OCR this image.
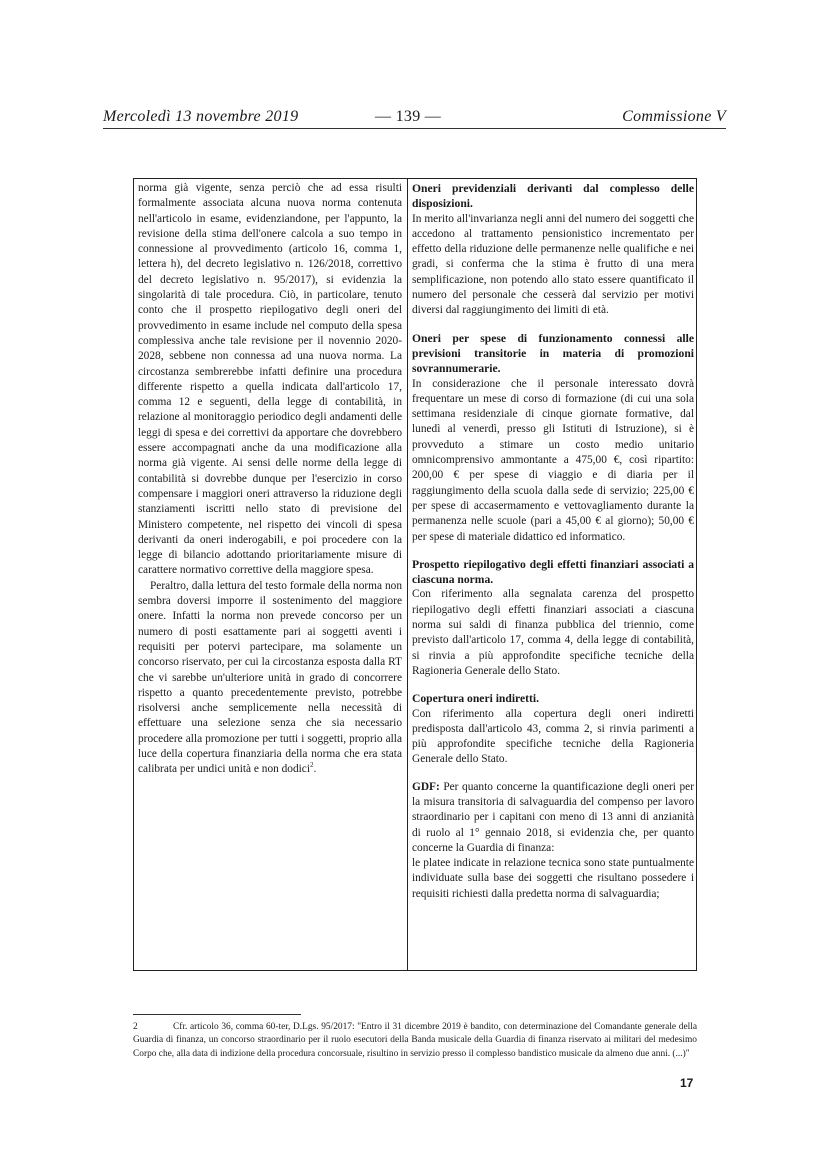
Mercoledì 13 novembre 2019	— 139 —	Commissione V

norma già vigente, senza perciò che ad essa risulti formalmente associata alcuna nuova norma contenuta nell'articolo in esame, evidenziandone, per l'appunto, la revisione della stima dell'onere calcola a suo tempo in connessione al provvedimento (articolo 16, comma 1, lettera h), del decreto legislativo n. 126/2018, correttivo del decreto legislativo n. 95/2017), si evidenzia la singolarità di tale procedura. Ciò, in particolare, tenuto conto che il prospetto riepilogativo degli oneri del provvedimento in esame include nel computo della spesa complessiva anche tale revisione per il novennio 2020-2028, sebbene non connessa ad una nuova norma. La circostanza sembrerebbe infatti definire una procedura differente rispetto a quella indicata dall'articolo 17, comma 12 e seguenti, della legge di contabilità, in relazione al monitoraggio periodico degli andamenti delle leggi di spesa e dei correttivi da apportare che dovrebbero essere accompagnati anche da una modificazione alla norma già vigente. Ai sensi delle norme della legge di contabilità si dovrebbe dunque per l'esercizio in corso compensare i maggiori oneri attraverso la riduzione degli stanziamenti iscritti nello stato di previsione del Ministero competente, nel rispetto dei vincoli di spesa derivanti da oneri inderogabili, e poi procedere con la legge di bilancio adottando prioritariamente misure di carattere normativo correttive della maggiore spesa.

Peraltro, dalla lettura del testo formale della norma non sembra doversi imporre il sostenimento del maggiore onere. Infatti la norma non prevede concorso per un numero di posti esattamente pari ai soggetti aventi i requisiti per potervi partecipare, ma solamente un concorso riservato, per cui la circostanza esposta dalla RT che vi sarebbe un'ulteriore unità in grado di concorrere rispetto a quanto precedentemente previsto, potrebbe risolversi anche semplicemente nella necessità di effettuare una selezione senza che sia necessario procedere alla promozione per tutti i soggetti, proprio alla luce della copertura finanziaria della norma che era stata calibrata per undici unità e non dodici$^2$.

Oneri previdenziali derivanti dal complesso delle disposizioni.

In merito all'invarianza negli anni del numero dei soggetti che accedono al trattamento pensionistico incrementato per effetto della riduzione delle permanenze nelle qualifiche e nei gradi, si conferma che la stima è frutto di una mera semplificazione, non potendo allo stato essere quantificato il numero del personale che cesserà dal servizio per motivi diversi dal raggiungimento dei limiti di età.

Oneri per spese di funzionamento connessi alle previsioni transitorie in materia di promozioni sovrannumerarie.

In considerazione che il personale interessato dovrà frequentare un mese di corso di formazione (di cui una sola settimana residenziale di cinque giornate formative, dal lunedì al venerdì, presso gli Istituti di Istruzione), si è provveduto a stimare un costo medio unitario omnicomprensivo ammontante a 475,00 €, così ripartito: 200,00 € per spese di viaggio e di diaria per il raggiungimento della scuola dalla sede di servizio; 225,00 € per spese di accasermamento e vettovagliamento durante la permanenza nelle scuole (pari a 45,00 € al giorno); 50,00 € per spese di materiale didattico ed informatico.

Prospetto riepilogativo degli effetti finanziari associati a ciascuna norma.

Con riferimento alla segnalata carenza del prospetto riepilogativo degli effetti finanziari associati a ciascuna norma sui saldi di finanza pubblica del triennio, come previsto dall'articolo 17, comma 4, della legge di contabilità, si rinvia a più approfondite specifiche tecniche della Ragioneria Generale dello Stato.

Copertura oneri indiretti.

Con riferimento alla copertura degli oneri indiretti predisposta dall'articolo 43, comma 2, si rinvia parimenti a più approfondite specifiche tecniche della Ragioneria Generale dello Stato.

GDF: Per quanto concerne la quantificazione degli oneri per la misura transitoria di salvaguardia del compenso per lavoro straordinario per i capitani con meno di 13 anni di anzianità di ruolo al 1° gennaio 2018, si evidenzia che, per quanto concerne la Guardia di finanza:

le platee indicate in relazione tecnica sono state puntualmente individuate sulla base dei soggetti che risultano possedere i requisiti richiesti dalla predetta norma di salvaguardia;

2	Cfr. articolo 36, comma 60-ter, D.Lgs. 95/2017: "Entro il 31 dicembre 2019 è bandito, con determinazione del Comandante generale della Guardia di finanza, un concorso straordinario per il ruolo esecutori della Banda musicale della Guardia di finanza riservato ai militari del medesimo Corpo che, alla data di indizione della procedura concorsuale, risultino in servizio presso il complesso bandistico musicale da almeno due anni. (...)"
17
